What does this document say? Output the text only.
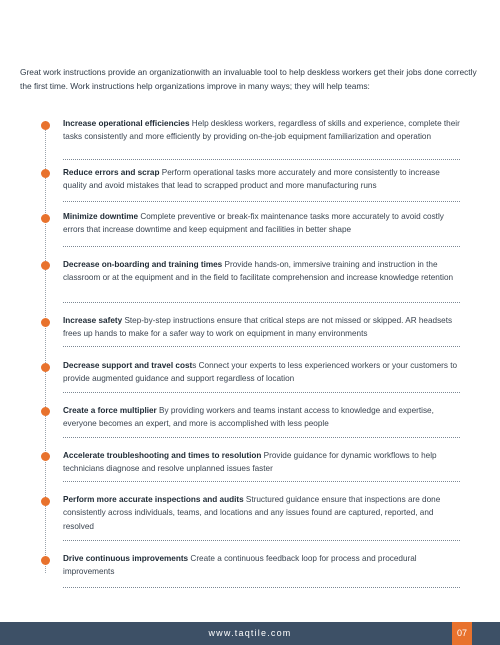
Great work instructions provide an organizationwith an invaluable tool to help deskless workers get their jobs done correctly the first time. Work instructions help organizations improve in many ways; they will help teams:

Increase operational efficiencies Help deskless workers, regardless of skills and experience, complete their tasks consistently and more efficiently by providing on-the-job equipment familiarization and operation
Reduce errors and scrap Perform operational tasks more accurately and more consistently to increase quality and avoid mistakes that lead to scrapped product and more manufacturing runs
Minimize downtime Complete preventive or break-fix maintenance tasks more accurately to avoid costly errors that increase downtime and keep equipment and facilities in better shape
Decrease on-boarding and training times Provide hands-on, immersive training and instruction in the classroom or at the equipment and in the field to facilitate comprehension and increase knowledge retention
Increase safety Step-by-step instructions ensure that critical steps are not missed or skipped. AR headsets frees up hands to make for a safer way to work on equipment in many environments
Decrease support and travel costs Connect your experts to less experienced workers or your customers to provide augmented guidance and support regardless of location
Create a force multiplier By providing workers and teams instant access to knowledge and expertise, everyone becomes an expert, and more is accomplished with less people
Accelerate troubleshooting and times to resolution Provide guidance for dynamic workflows to help technicians diagnose and resolve unplanned issues faster
Perform more accurate inspections and audits Structured guidance ensure that inspections are done consistently across individuals, teams, and locations and any issues found are captured, reported, and resolved
Drive continuous improvements Create a continuous feedback loop for process and procedural improvements
www.taqtile.com	07
